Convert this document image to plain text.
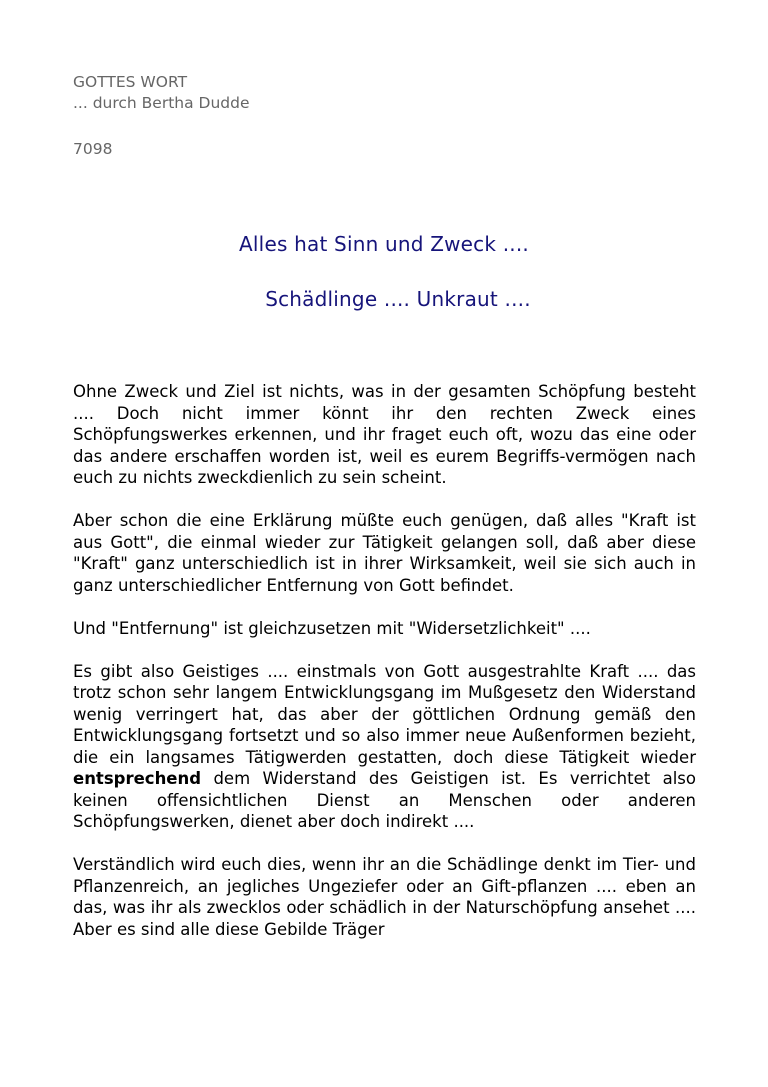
GOTTES WORT
... durch Bertha Dudde
7098
Alles hat Sinn und Zweck ....
Schädlinge .... Unkraut ....

Ohne Zweck und Ziel ist nichts, was in der gesamten Schöpfung besteht .... Doch nicht immer könnt ihr den rechten Zweck eines Schöpfungswerkes erkennen, und ihr fraget euch oft, wozu das eine oder das andere erschaffen worden ist, weil es eurem Begriffs-vermögen nach euch zu nichts zweckdienlich zu sein scheint.

Aber schon die eine Erklärung müßte euch genügen, daß alles "Kraft ist aus Gott", die einmal wieder zur Tätigkeit gelangen soll, daß aber diese "Kraft" ganz unterschiedlich ist in ihrer Wirksamkeit, weil sie sich auch in ganz unterschiedlicher Entfernung von Gott befindet.

Und "Entfernung" ist gleichzusetzen mit "Widersetzlichkeit" ....

Es gibt also Geistiges .... einstmals von Gott ausgestrahlte Kraft .... das trotz schon sehr langem Entwicklungsgang im Mußgesetz den Widerstand wenig verringert hat, das aber der göttlichen Ordnung gemäß den Entwicklungsgang fortsetzt und so also immer neue Außenformen bezieht, die ein langsames Tätigwerden gestatten, doch diese Tätigkeit wieder entsprechend dem Widerstand des Geistigen ist. Es verrichtet also keinen offensichtlichen Dienst an Menschen oder anderen Schöpfungswerken, dienet aber doch indirekt ....

Verständlich wird euch dies, wenn ihr an die Schädlinge denkt im Tier- und Pflanzenreich, an jegliches Ungeziefer oder an Gift-pflanzen .... eben an das, was ihr als zwecklos oder schädlich in der Naturschöpfung ansehet .... Aber es sind alle diese Gebilde Träger
